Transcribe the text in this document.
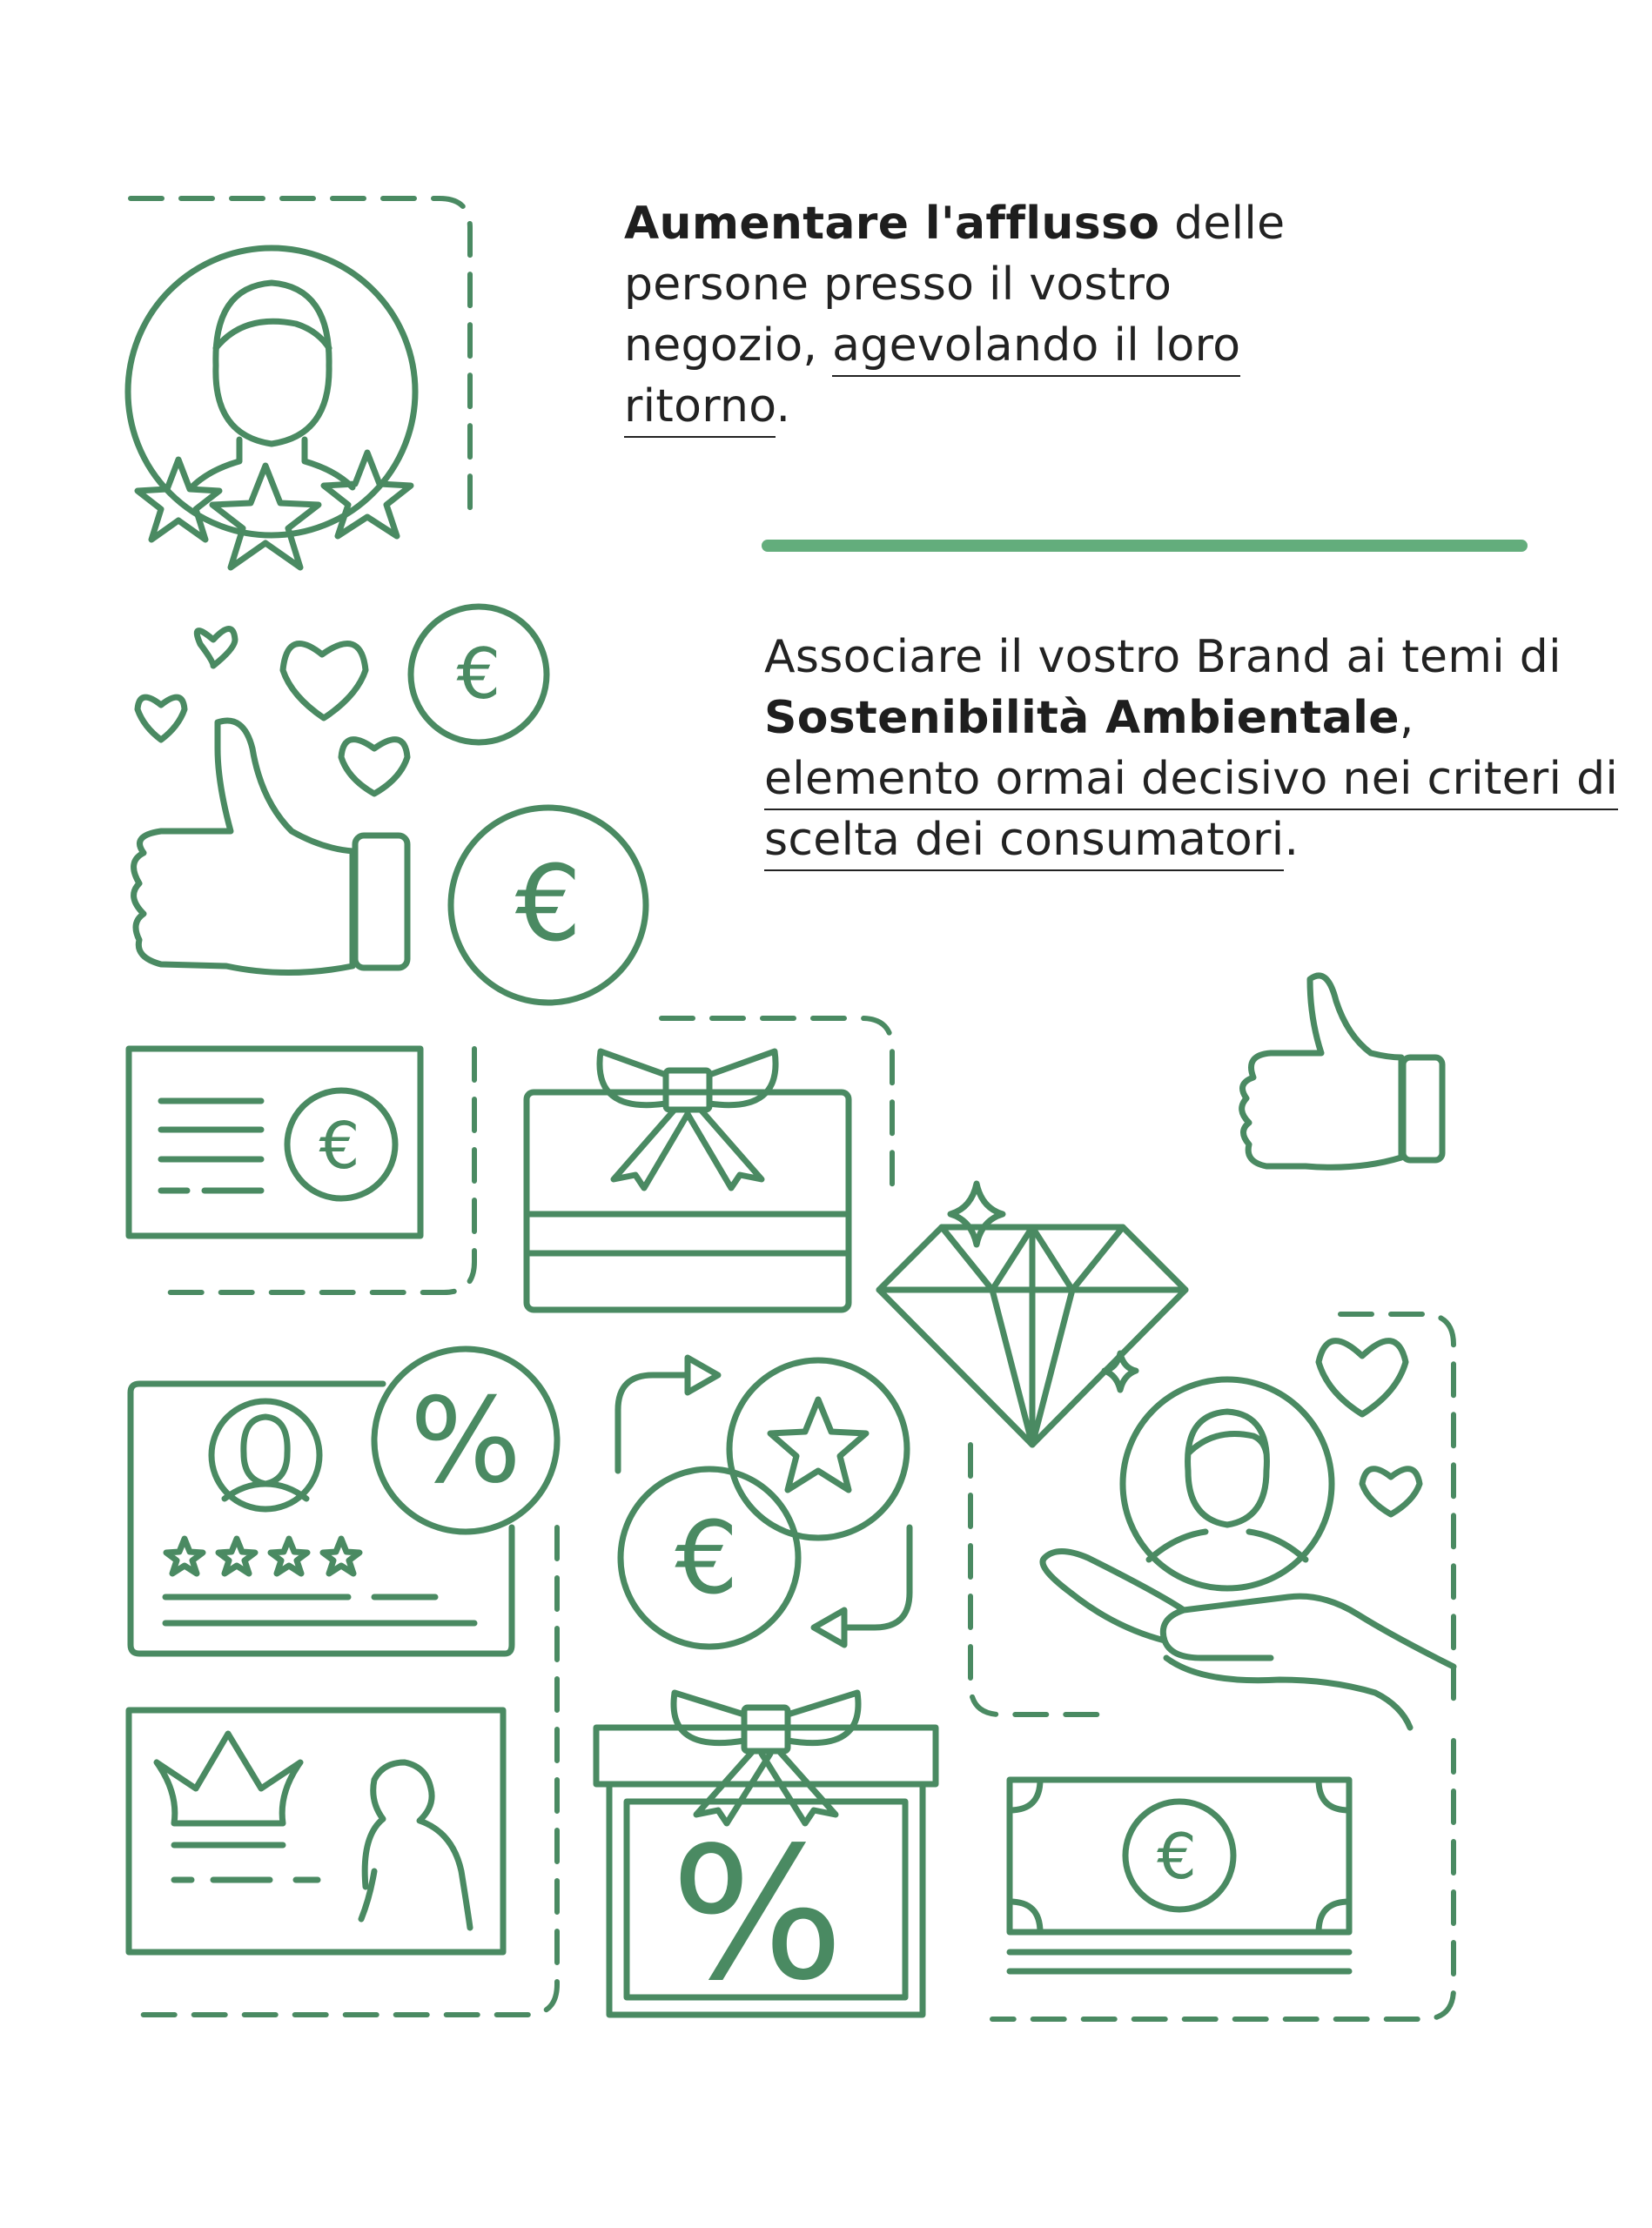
Aumentare l'afflusso delle persone presso il vostro negozio, agevolando il loro ritorno.

Associare il vostro Brand ai temi di Sostenibilità Ambientale, elemento ormai decisivo nei criteri di scelta dei consumatori.

€
€
€
%
€
%	€
